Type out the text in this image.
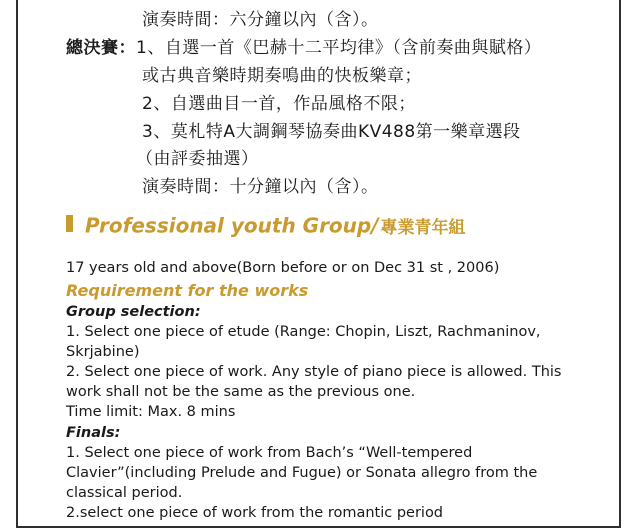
演奏時間：六分鐘以內（含）。
總決賽：1、自選一首《巴赫十二平均律》（含前奏曲與賦格）
或古典音樂時期奏鳴曲的快板樂章；
2、自選曲目一首，作品風格不限；
3、莫札特A大調鋼琴協奏曲KV488第一樂章選段
（由評委抽選）
演奏時間：十分鐘以內（含）。
Professional youth Group/ 專業青年組
17 years old and above(Born before or on Dec 31 st , 2006)
Requirement for the works
Group selection:
1. Select one piece of etude (Range: Chopin, Liszt, Rachmaninov,
Skrjabine)
2. Select one piece of work. Any style of piano piece is allowed. This
work shall not be the same as the previous one.
Time limit: Max. 8 mins
Finals:
1. Select one piece of work from Bach’s “Well-tempered
Clavier”(including Prelude and Fugue) or Sonata allegro from the
classical period.
2.select one piece of work from the romantic period
